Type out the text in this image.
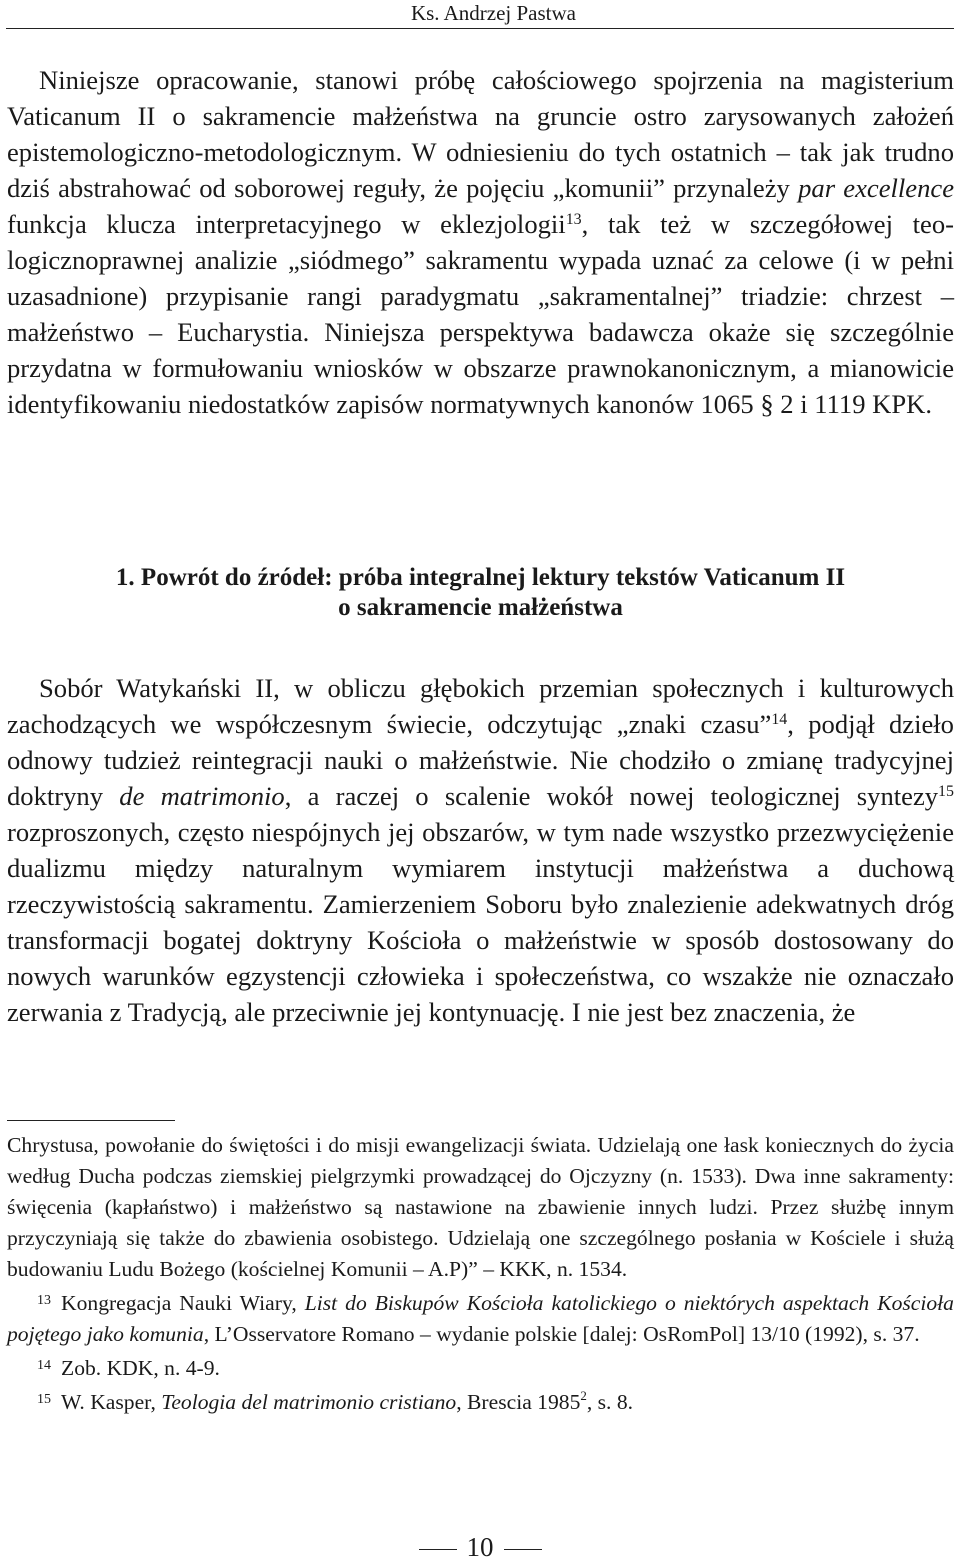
Ks. Andrzej Pastwa

Niniejsze opracowanie, stanowi próbę całościowego spojrzenia na magisterium Vaticanum II o sakramencie małżeństwa na gruncie ostro zarysowanych założeń epistemologiczno-metodologicznym. W odniesieniu do tych ostatnich – tak jak trudno dziś abstrahować od soborowej reguły, że pojęciu „komunii” przynależy par excellence funkcja klucza interpretacyjnego w eklezjologii$^{13}$, tak też w szczegółowej teologicznoprawnej analizie „siódmego” sakramentu wypada uznać za celowe (i w pełni uzasadnione) przypisanie rangi paradygmatu „sakramentalnej” triadzie: chrzest – małżeństwo – Eucharystia. Niniejsza perspektywa badawcza okaże się szczególnie przydatna w formułowaniu wniosków w obszarze prawnokanonicznym, a mianowicie identyfikowaniu niedostatków zapisów normatywnych kanonów 1065 § 2 i 1119 KPK.

1. Powrót do źródeł: próba integralnej lektury tekstów Vaticanum II
o sakramencie małżeństwa

Sobór Watykański II, w obliczu głębokich przemian społecznych i kulturowych zachodzących we współczesnym świecie, odczytując „znaki czasu”$^{14}$, podjął dzieło odnowy tudzież reintegracji nauki o małżeństwie. Nie chodziło o zmianę tradycyjnej doktryny de matrimonio, a raczej o scalenie wokół nowej teologicznej syntezy$^{15}$ rozproszonych, często niespójnych jej obszarów, w tym nade wszystko przezwyciężenie dualizmu między naturalnym wymiarem instytucji małżeństwa a duchową rzeczywistością sakramentu. Zamierzeniem Soboru było znalezienie adekwatnych dróg transformacji bogatej doktryny Kościoła o małżeństwie w sposób dostosowany do nowych warunków egzystencji człowieka i społeczeństwa, co wszakże nie oznaczało zerwania z Tradycją, ale przeciwnie jej kontynuację. I nie jest bez znaczenia, że

Chrystusa, powołanie do świętości i do misji ewangelizacji świata. Udzielają one łask koniecznych do życia według Ducha podczas ziemskiej pielgrzymki prowadzącej do Ojczyzny (n. 1533). Dwa inne sakramenty: święcenia (kapłaństwo) i małżeństwo są nastawione na zbawienie innych ludzi. Przez służbę innym przyczyniają się także do zbawienia osobistego. Udzielają one szczególnego posłania w Kościele i służą budowaniu Ludu Bożego (kościelnej Komunii – A.P)” – KKK, n. 1534.

$^{13}$ Kongregacja Nauki Wiary, List do Biskupów Kościoła katolickiego o niektórych aspektach Kościoła pojętego jako komunia, L’Osservatore Romano – wydanie polskie [dalej: OsRomPol] 13/10 (1992), s. 37.

$^{14}$ Zob. KDK, n. 4-9.

$^{15}$ W. Kasper, Teologia del matrimonio cristiano, Brescia 1985$^2$, s. 8.

10
